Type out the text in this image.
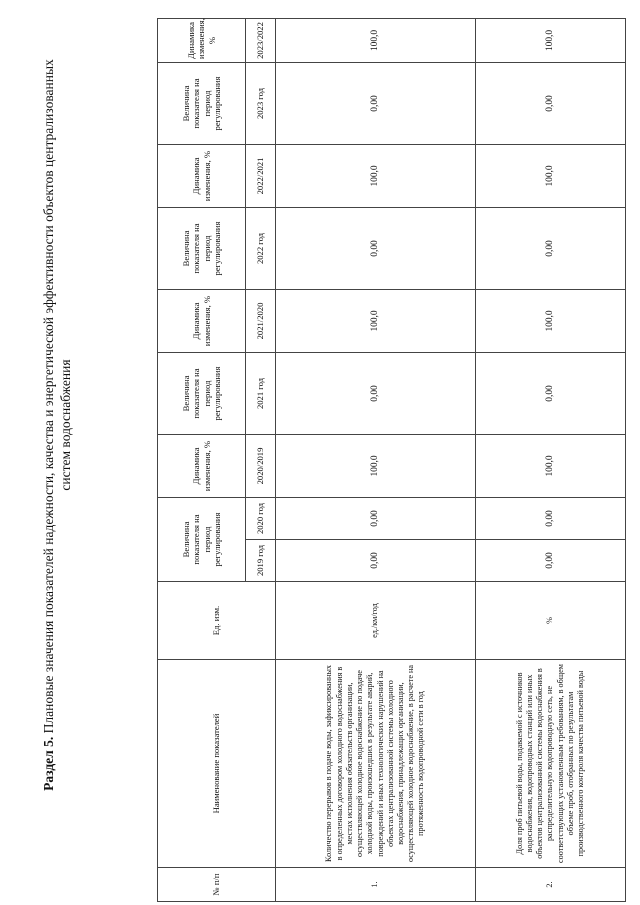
Раздел 5. Плановые значения показателей надежности, качества и энергетической эффективности объектов централизованных систем водоснабжения
№ п/п	Наименование показателей	Ед. изм.	Величина показателя на период регулирования		Динамика изменения, %	Величина показателя на период регулирования	Динамика изменения, %	Величина показателя на период регулирования	Динамика изменения, %	Величина показателя на период регулирования	Динамика изменения, %
			2019 год	2020 год	2020/2019	2021 год	2021/2020	2022 год	2022/2021	2023 год	2023/2022
1.	Количество перерывов в подаче воды, зафиксированных в определенных договором холодного водоснабжения в местах исполнения обязательств организации, осуществляющей холодное водоснабжение по подаче холодной воды, произошедших в результате аварий, повреждений и иных технологических нарушений на объектах централизованной системы холодного водоснабжения, принадлежащих организации, осуществляющей холодное водоснабжение, в расчете на протяженность водопроводной сети в год	ед./км/год	0,00	0,00	100,0	0,00	100,0	0,00	100,0	0,00	100,0
2.	Доля проб питьевой воды, подаваемой с источников водоснабжения, водопроводных станций или иных объектов централизованной системы водоснабжения в распределительную водопроводную сеть, не соответствующих установленным требованиям, в общем объеме проб, отобранных по результатам производственного контроля качества питьевой воды	%	0,00	0,00	100,0	0,00	100,0	0,00	100,0	0,00	100,0
